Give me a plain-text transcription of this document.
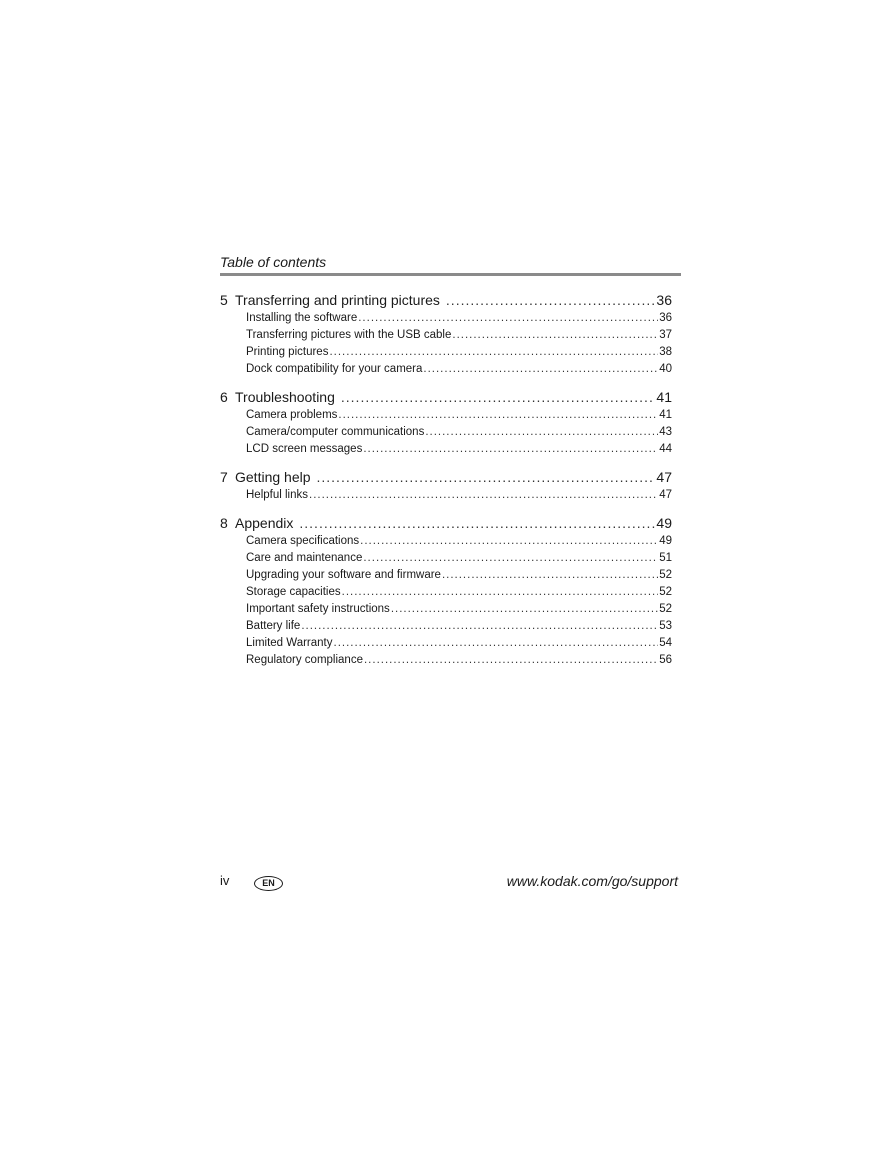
Table of contents
5 Transferring and printing pictures .....	36
Installing the software .....	36
Transferring pictures with the USB cable .....	37
Printing pictures .....	38
Dock compatibility for your camera .....	40
6 Troubleshooting .....	41
Camera problems .....	41
Camera/computer communications .....	43
LCD screen messages .....	44
7 Getting help .....	47
Helpful links .....	47
8 Appendix .....	49
Camera specifications .....	49
Care and maintenance .....	51
Upgrading your software and firmware .....	52
Storage capacities .....	52
Important safety instructions .....	52
Battery life .....	53
Limited Warranty .....	54
Regulatory compliance .....	56
iv	EN	www.kodak.com/go/support
